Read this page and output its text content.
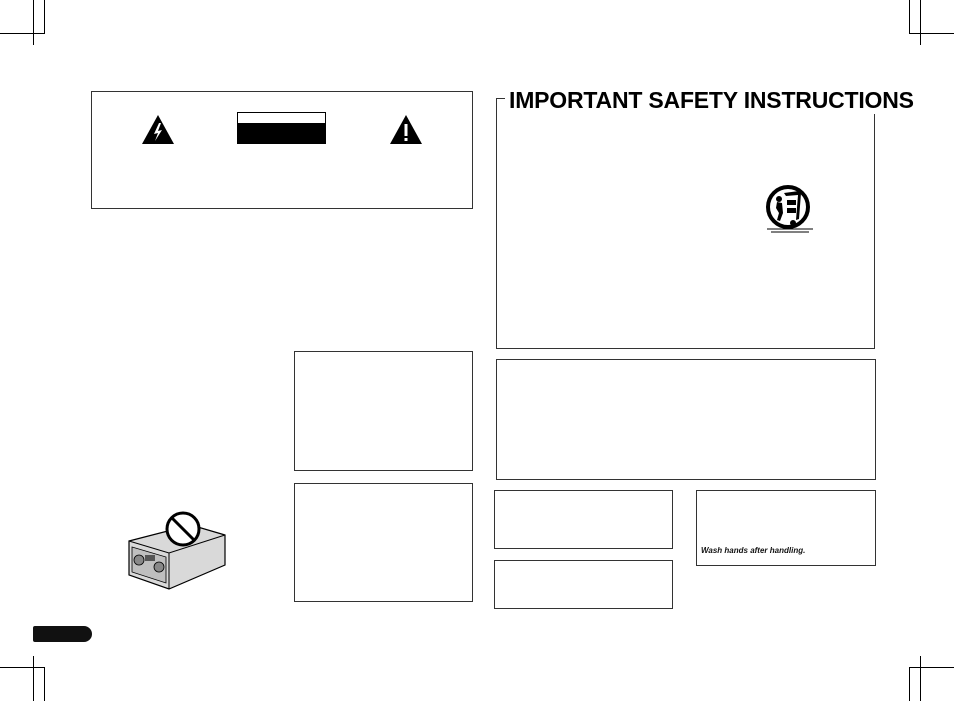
IMPORTANT SAFETY INSTRUCTIONS
Wash hands after handling.
